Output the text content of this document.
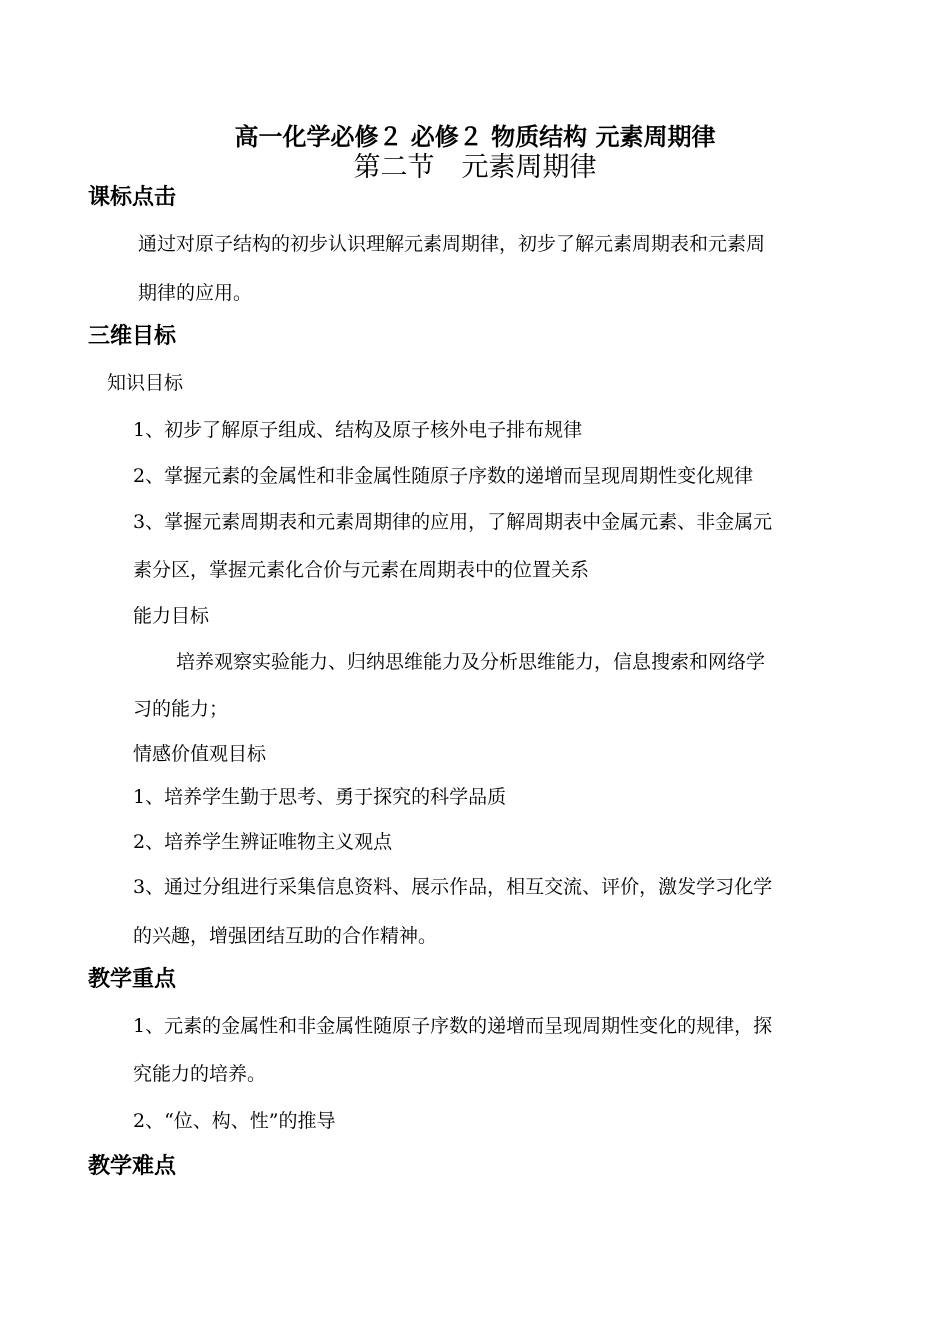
高一化学必修２ 必修２ 物质结构 元素周期律
第二节　元素周期律
课标点击
通过对原子结构的初步认识理解元素周期律，初步了解元素周期表和元素周
期律的应用。
三维目标
知识目标
1、初步了解原子组成、结构及原子核外电子排布规律
2、掌握元素的金属性和非金属性随原子序数的递增而呈现周期性变化规律
3、掌握元素周期表和元素周期律的应用，了解周期表中金属元素、非金属元
素分区，掌握元素化合价与元素在周期表中的位置关系
能力目标
培养观察实验能力、归纳思维能力及分析思维能力，信息搜索和网络学
习的能力；
情感价值观目标
1、培养学生勤于思考、勇于探究的科学品质
2、培养学生辨证唯物主义观点
3、通过分组进行采集信息资料、展示作品，相互交流、评价，激发学习化学
的兴趣，增强团结互助的合作精神。
教学重点
1、元素的金属性和非金属性随原子序数的递增而呈现周期性变化的规律，探
究能力的培养。
2、“位、构、性”的推导
教学难点
